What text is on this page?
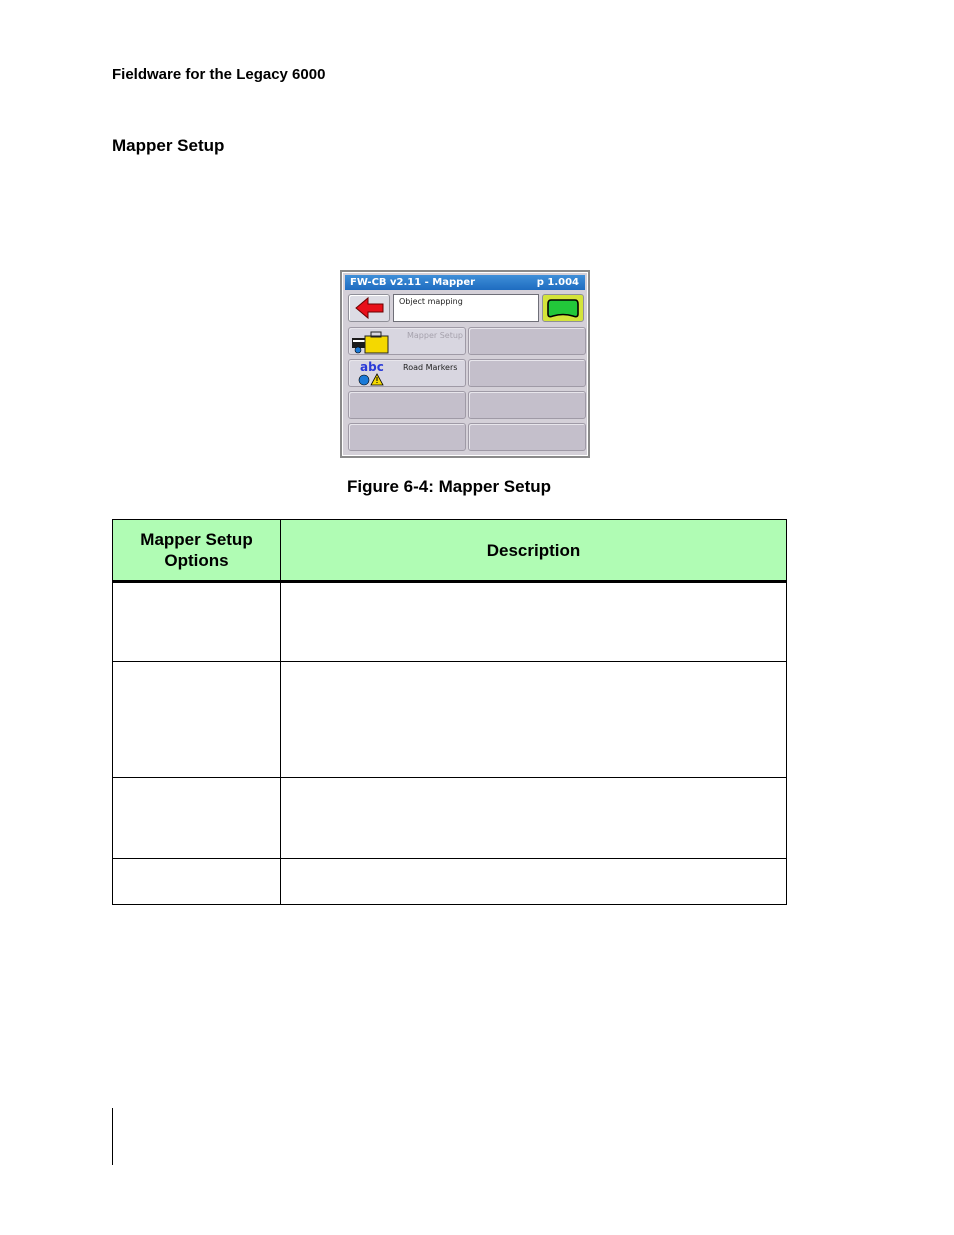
Fieldware for the Legacy 6000
Mapper Setup
FW-CB v2.11 - Mapper	p 1.004
Object mapping
Mapper Setup
abc Road Markers
Figure 6-4: Mapper Setup
Mapper Setup Options	Description
